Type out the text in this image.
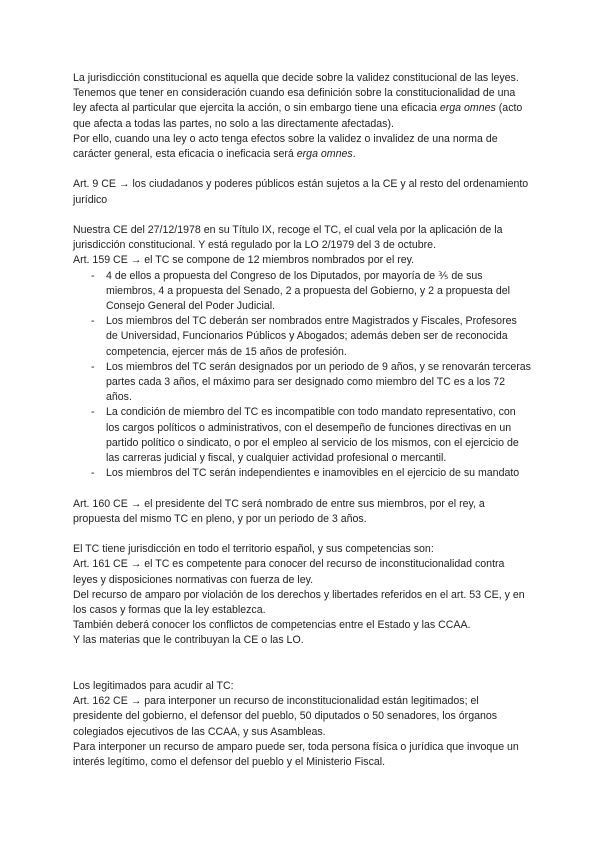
La jurisdicción constitucional es aquella que decide sobre la validez constitucional de las leyes.

Tenemos que tener en consideración cuando esa definición sobre la constitucionalidad de una ley afecta al particular que ejercita la acción, o sin embargo tiene una eficacia erga omnes (acto que afecta a todas las partes, no solo a las directamente afectadas).

Por ello, cuando una ley o acto tenga efectos sobre la validez o invalidez de una norma de carácter general, esta eficacia o ineficacia será erga omnes.

Art. 9 CE → los ciudadanos y poderes públicos están sujetos a la CE y al resto del ordenamiento jurídico

Nuestra CE del 27/12/1978 en su Título IX, recoge el TC, el cual vela por la aplicación de la jurisdicción constitucional. Y está regulado por la LO 2/1979 del 3 de octubre.

Art. 159 CE → el TC se compone de 12 miembros nombrados por el rey.

- 4 de ellos a propuesta del Congreso de los Diputados, por mayoría de ⅗ de sus miembros, 4 a propuesta del Senado, 2 a propuesta del Gobierno, y 2 a propuesta del Consejo General del Poder Judicial.
- Los miembros del TC deberán ser nombrados entre Magistrados y Fiscales, Profesores de Universidad, Funcionarios Públicos y Abogados; además deben ser de reconocida competencia, ejercer más de 15 años de profesión.
- Los miembros del TC serán designados por un periodo de 9 años, y se renovarán terceras partes cada 3 años, el máximo para ser designado como miembro del TC es a los 72 años.
- La condición de miembro del TC es incompatible con todo mandato representativo, con los cargos políticos o administrativos, con el desempeño de funciones directivas en un partido político o sindicato, o por el empleo al servicio de los mismos, con el ejercicio de las carreras judicial y fiscal, y cualquier actividad profesional o mercantil.
- Los miembros del TC serán independientes e inamovibles en el ejercicio de su mandato

Art. 160 CE → el presidente del TC será nombrado de entre sus miembros, por el rey, a propuesta del mismo TC en pleno, y por un periodo de 3 años.

El TC tiene jurisdicción en todo el territorio español, y sus competencias son:

Art. 161 CE → el TC es competente para conocer del recurso de inconstitucionalidad contra leyes y disposiciones normativas con fuerza de ley.

Del recurso de amparo por violación de los derechos y libertades referidos en el art. 53 CE, y en los casos y formas que la ley establezca.

También deberá conocer los conflictos de competencias entre el Estado y las CCAA.

Y las materias que le contribuyan la CE o las LO.

Los legitimados para acudir al TC:

Art. 162 CE → para interponer un recurso de inconstitucionalidad están legitimados; el presidente del gobierno, el defensor del pueblo, 50 diputados o 50 senadores, los órganos colegiados ejecutivos de las CCAA, y sus Asambleas.

Para interponer un recurso de amparo puede ser, toda persona física o jurídica que invoque un interés legítimo, como el defensor del pueblo y el Ministerio Fiscal.
